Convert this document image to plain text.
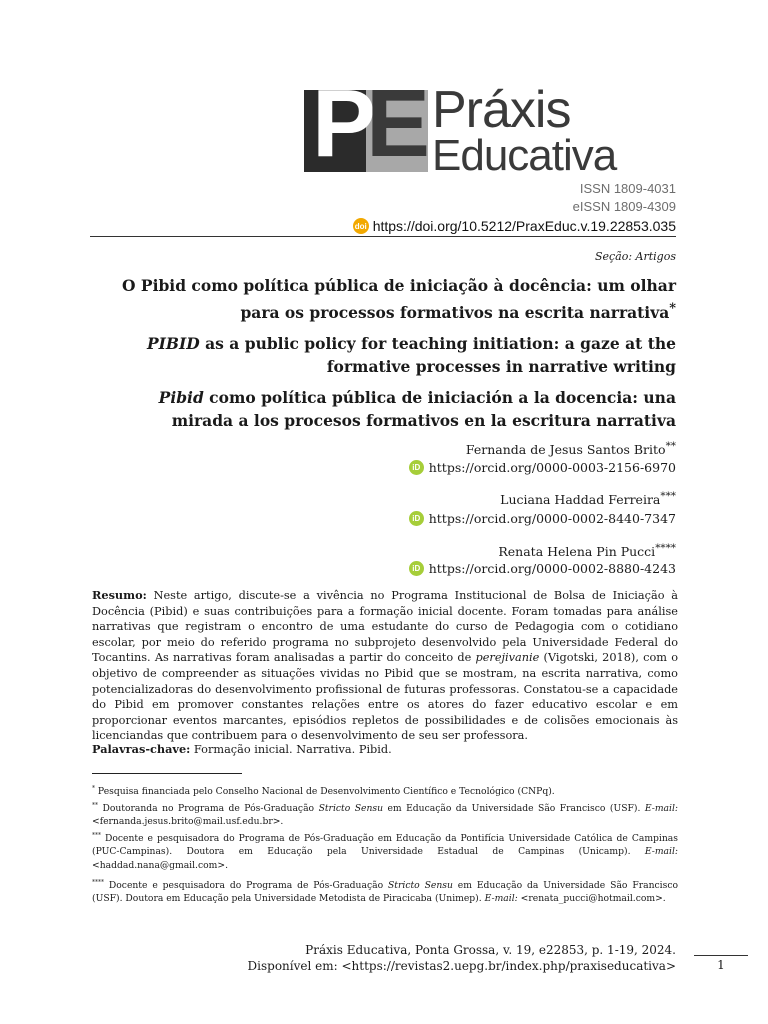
PE Práxis
Educativa
ISSN 1809-4031
eISSN 1809-4309
doi https://doi.org/10.5212/PraxEduc.v.19.22853.035
Seção: Artigos
O Pibid como política pública de iniciação à docência: um olhar para os processos formativos na escrita narrativa*
PIBID as a public policy for teaching initiation: a gaze at the formative processes in narrative writing
Pibid como política pública de iniciación a la docencia: una mirada a los procesos formativos en la escritura narrativa
Fernanda de Jesus Santos Brito**
iD https://orcid.org/0000-0003-2156-6970
Luciana Haddad Ferreira***
iD https://orcid.org/0000-0002-8440-7347
Renata Helena Pin Pucci****
iD https://orcid.org/0000-0002-8880-4243
Resumo: Neste artigo, discute-se a vivência no Programa Institucional de Bolsa de Iniciação à Docência (Pibid) e suas contribuições para a formação inicial docente. Foram tomadas para análise narrativas que registram o encontro de uma estudante do curso de Pedagogia com o cotidiano escolar, por meio do referido programa no subprojeto desenvolvido pela Universidade Federal do Tocantins. As narrativas foram analisadas a partir do conceito de perejivanie (Vigotski, 2018), com o objetivo de compreender as situações vividas no Pibid que se mostram, na escrita narrativa, como potencializadoras do desenvolvimento profissional de futuras professoras. Constatou-se a capacidade do Pibid em promover constantes relações entre os atores do fazer educativo escolar e em proporcionar eventos marcantes, episódios repletos de possibilidades e de colisões emocionais às licenciandas que contribuem para o desenvolvimento de seu ser professora.
Palavras-chave: Formação inicial. Narrativa. Pibid.
* Pesquisa financiada pelo Conselho Nacional de Desenvolvimento Científico e Tecnológico (CNPq).
** Doutoranda no Programa de Pós-Graduação Stricto Sensu em Educação da Universidade São Francisco (USF). E-mail: <fernanda.jesus.brito@mail.usf.edu.br>.
*** Docente e pesquisadora do Programa de Pós-Graduação em Educação da Pontifícia Universidade Católica de Campinas (PUC-Campinas). Doutora em Educação pela Universidade Estadual de Campinas (Unicamp). E-mail: <haddad.nana@gmail.com>.
**** Docente e pesquisadora do Programa de Pós-Graduação Stricto Sensu em Educação da Universidade São Francisco (USF). Doutora em Educação pela Universidade Metodista de Piracicaba (Unimep). E-mail: <renata_pucci@hotmail.com>.
Práxis Educativa, Ponta Grossa, v. 19, e22853, p. 1-19, 2024.
Disponível em: <https://revistas2.uepg.br/index.php/praxiseducativa>	1
